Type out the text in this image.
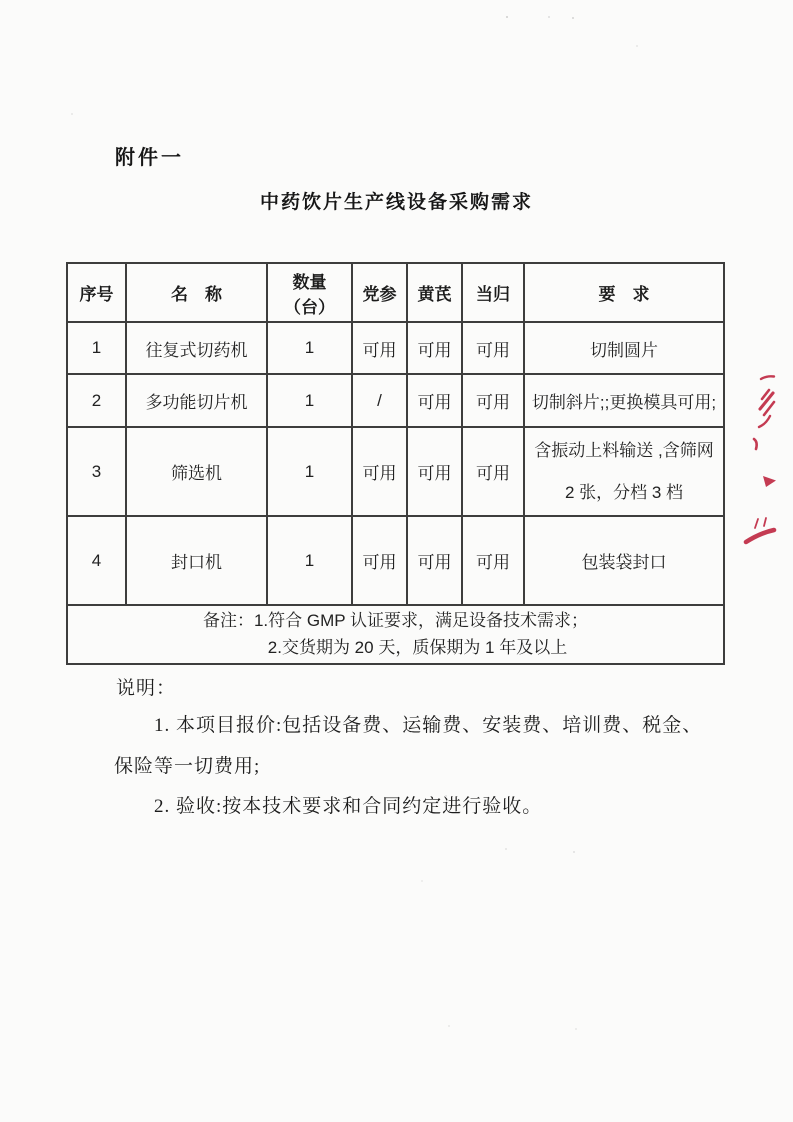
附件一
中药饮片生产线设备采购需求
序号	名　称	数量（台）	党参	黄芪	当归	要　求
1	往复式切药机	1	可用	可用	可用	切制圆片
2	多功能切片机	1	/	可用	可用	切制斜片;;更换模具可用;
3	筛选机	1	可用	可用	可用	含振动上料输送 ,含筛网 2 张，分档 3 档
4	封口机	1	可用	可用	可用	包装袋封口

备注：1.符合 GMP 认证要求，满足设备技术需求；
2.交货期为 20 天，质保期为 1 年及以上						
说明：
1. 本项目报价:包括设备费、运输费、安装费、培训费、税金、
保险等一切费用;
2. 验收:按本技术要求和合同约定进行验收。
